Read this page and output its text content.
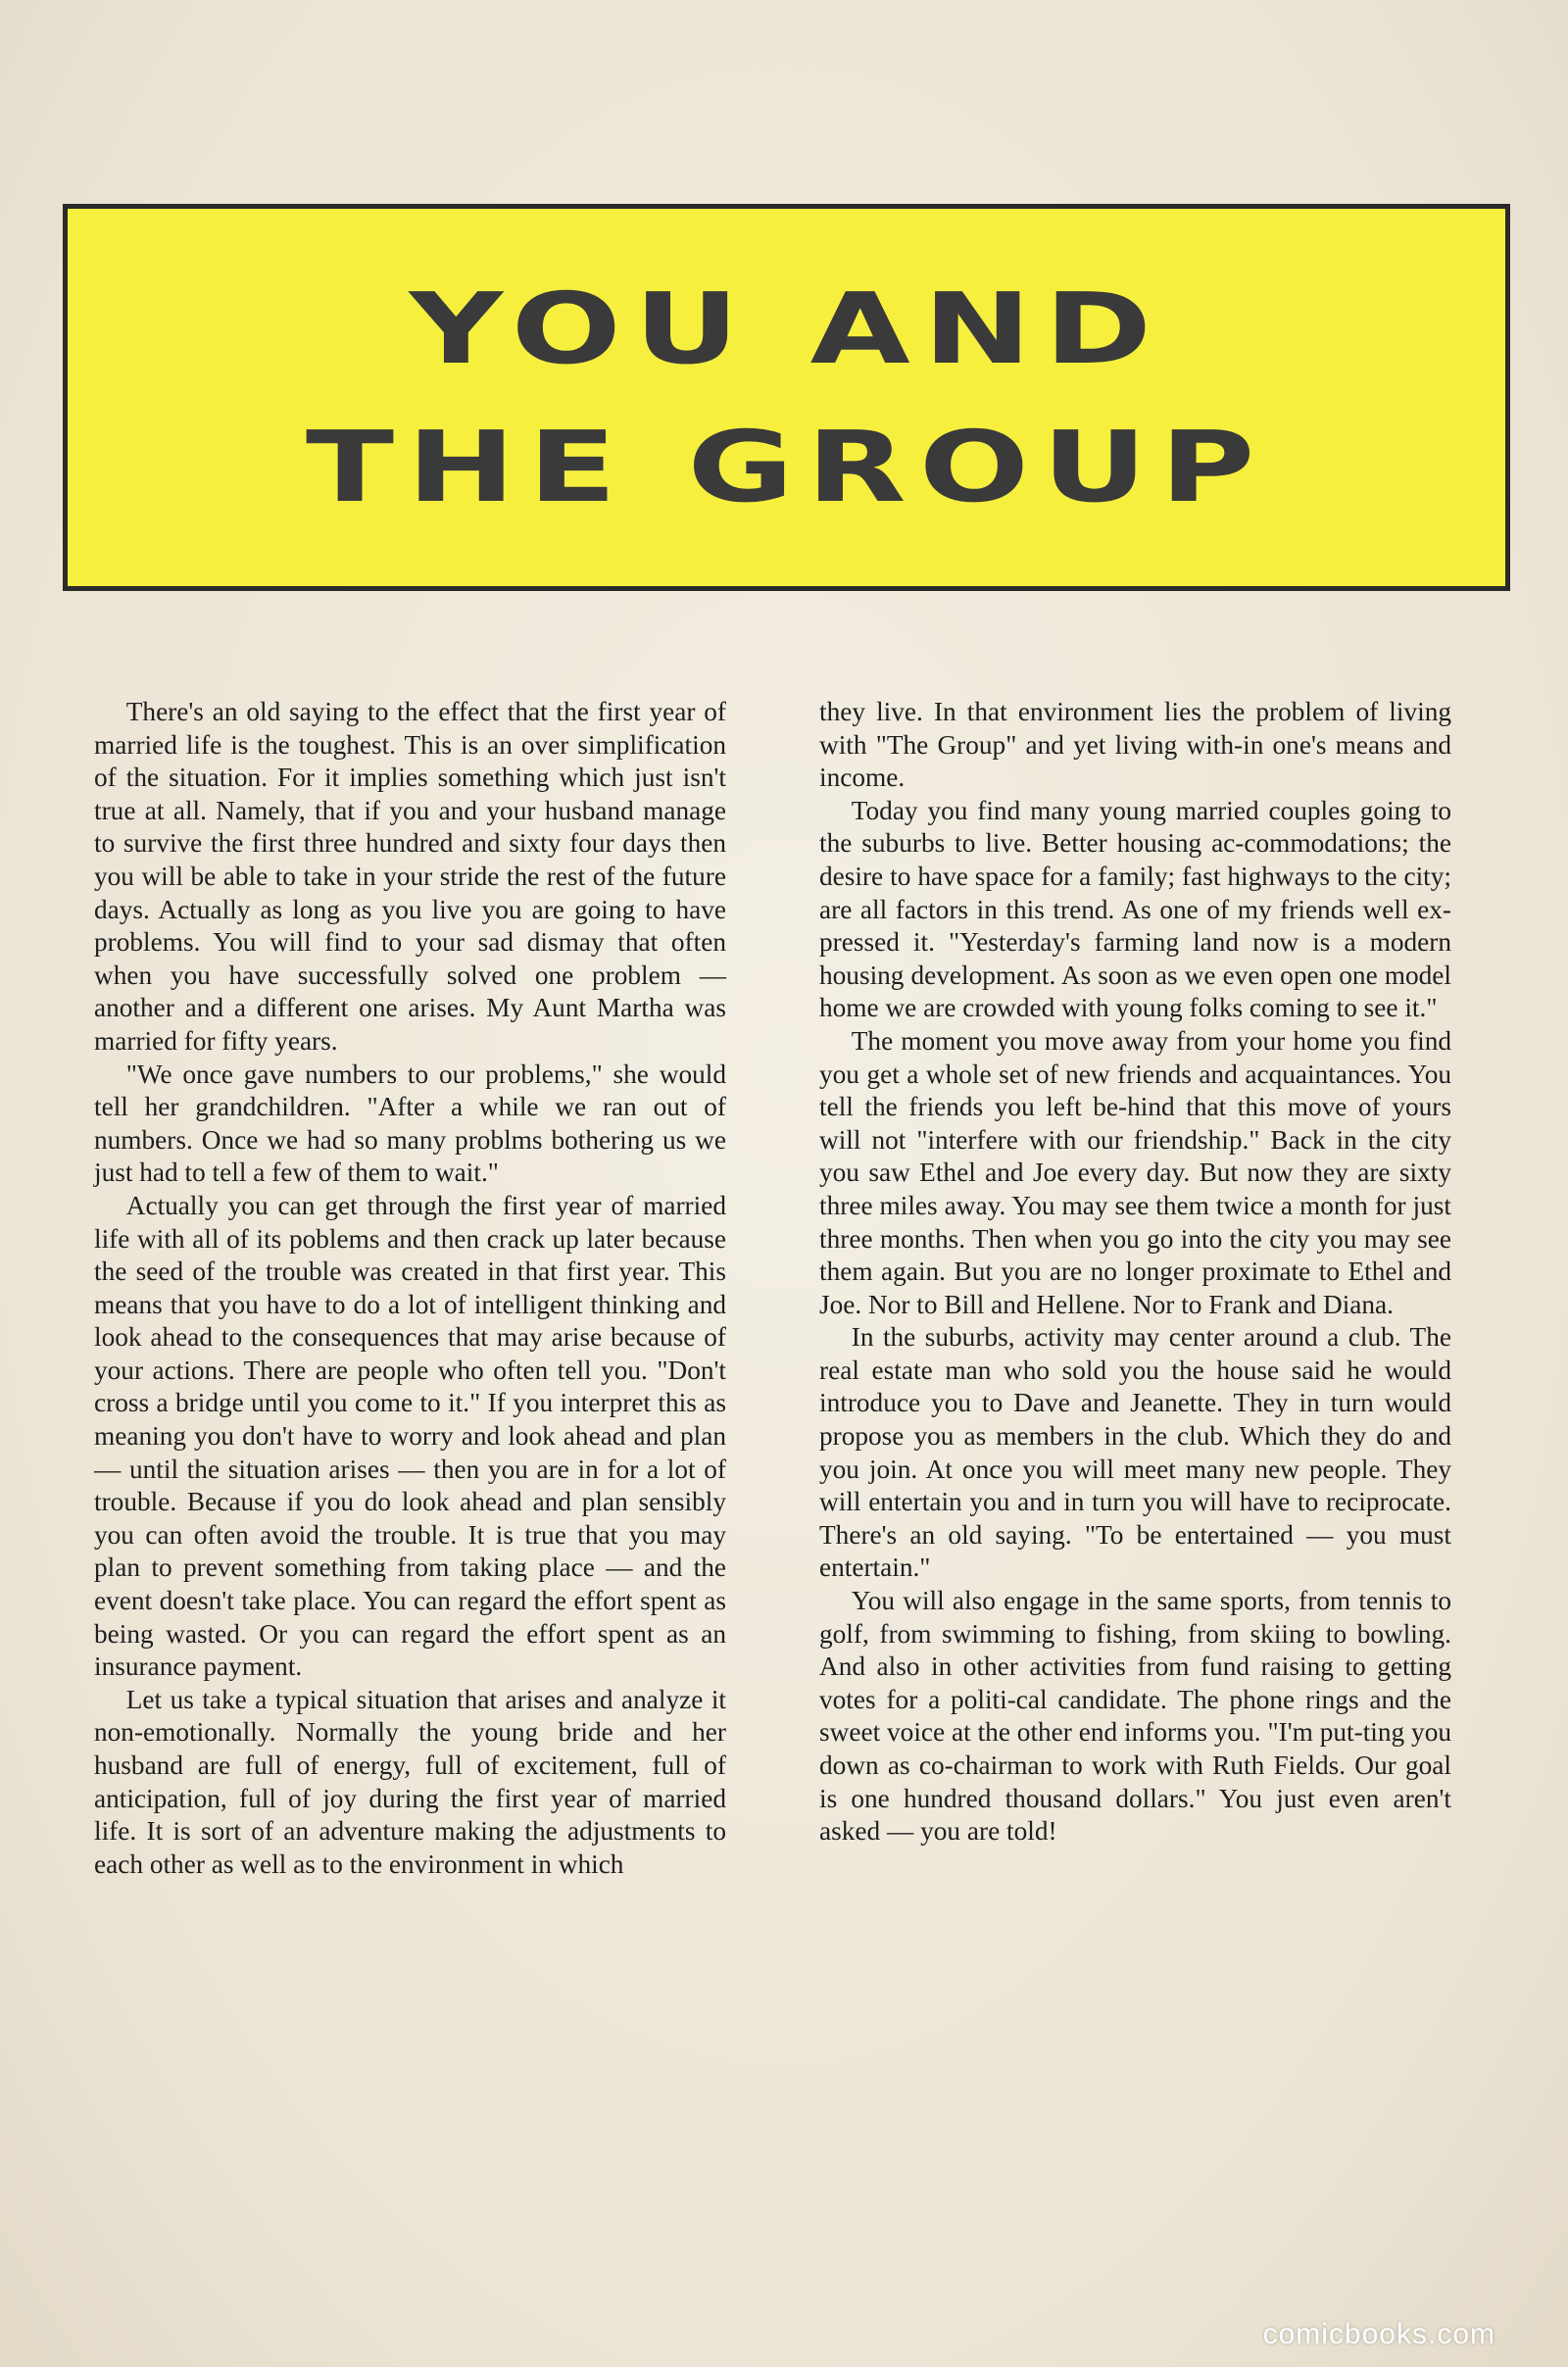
YOU AND
THE GROUP

There's an old saying to the effect that the first year of married life is the toughest. This is an over simplification of the situation. For it implies something which just isn't true at all. Namely, that if you and your husband manage to survive the first three hundred and sixty four days then you will be able to take in your stride the rest of the future days. Actually as long as you live you are going to have problems. You will find to your sad dismay that often when you have successfully solved one problem — another and a different one arises. My Aunt Martha was married for fifty years.

"We once gave numbers to our problems," she would tell her grandchildren. "After a while we ran out of numbers. Once we had so many problms bothering us we just had to tell a few of them to wait."

Actually you can get through the first year of married life with all of its poblems and then crack up later because the seed of the trouble was created in that first year. This means that you have to do a lot of intelligent thinking and look ahead to the consequences that may arise because of your actions. There are people who often tell you. "Don't cross a bridge until you come to it." If you interpret this as meaning you don't have to worry and look ahead and plan — until the situation arises — then you are in for a lot of trouble. Because if you do look ahead and plan sensibly you can often avoid the trouble. It is true that you may plan to prevent something from taking place — and the event doesn't take place. You can regard the effort spent as being wasted. Or you can regard the effort spent as an insurance payment.

Let us take a typical situation that arises and analyze it non-emotionally. Normally the young bride and her husband are full of energy, full of excitement, full of anticipation, full of joy during the first year of married life. It is sort of an adventure making the adjustments to each other as well as to the environment in which

they live. In that environment lies the problem of living with "The Group" and yet living with-in one's means and income.

Today you find many young married couples going to the suburbs to live. Better housing ac-commodations; the desire to have space for a family; fast highways to the city; are all factors in this trend. As one of my friends well ex-pressed it. "Yesterday's farming land now is a modern housing development. As soon as we even open one model home we are crowded with young folks coming to see it."

The moment you move away from your home you find you get a whole set of new friends and acquaintances. You tell the friends you left be-hind that this move of yours will not "interfere with our friendship." Back in the city you saw Ethel and Joe every day. But now they are sixty three miles away. You may see them twice a month for just three months. Then when you go into the city you may see them again. But you are no longer proximate to Ethel and Joe. Nor to Bill and Hellene. Nor to Frank and Diana.

In the suburbs, activity may center around a club. The real estate man who sold you the house said he would introduce you to Dave and Jeanette. They in turn would propose you as members in the club. Which they do and you join. At once you will meet many new people. They will entertain you and in turn you will have to reciprocate. There's an old saying. "To be entertained — you must entertain."

You will also engage in the same sports, from tennis to golf, from swimming to fishing, from skiing to bowling. And also in other activities from fund raising to getting votes for a politi-cal candidate. The phone rings and the sweet voice at the other end informs you. "I'm put-ting you down as co-chairman to work with Ruth Fields. Our goal is one hundred thousand dollars." You just even aren't asked — you are told!

comicbooks.com
